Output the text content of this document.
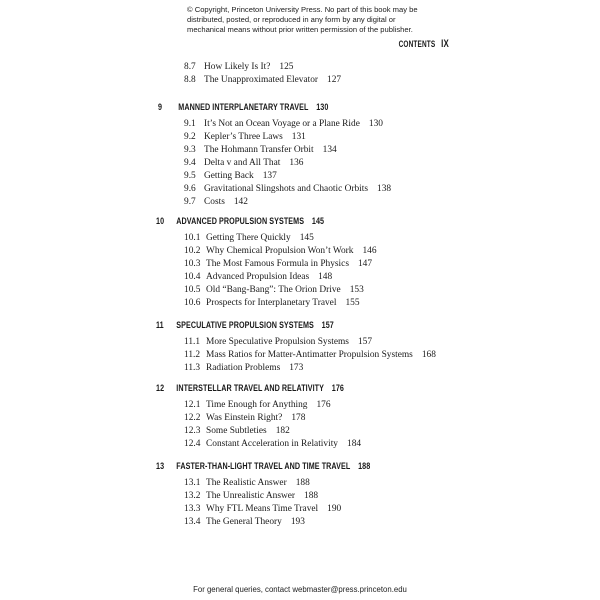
© Copyright, Princeton University Press. No part of this book may be distributed, posted, or reproduced in any form by any digital or mechanical means without prior written permission of the publisher.
CONTENTS IX
8.7 How Likely Is It? 125
8.8 The Unapproximated Elevator 127
9 MANNED INTERPLANETARY TRAVEL 130
9.1 It’s Not an Ocean Voyage or a Plane Ride 130
9.2 Kepler’s Three Laws 131
9.3 The Hohmann Transfer Orbit 134
9.4 Delta v and All That 136
9.5 Getting Back 137
9.6 Gravitational Slingshots and Chaotic Orbits 138
9.7 Costs 142
10 ADVANCED PROPULSION SYSTEMS 145
10.1 Getting There Quickly 145
10.2 Why Chemical Propulsion Won’t Work 146
10.3 The Most Famous Formula in Physics 147
10.4 Advanced Propulsion Ideas 148
10.5 Old “Bang-Bang”: The Orion Drive 153
10.6 Prospects for Interplanetary Travel 155
11 SPECULATIVE PROPULSION SYSTEMS 157
11.1 More Speculative Propulsion Systems 157
11.2 Mass Ratios for Matter-Antimatter Propulsion Systems 168
11.3 Radiation Problems 173
12 INTERSTELLAR TRAVEL AND RELATIVITY 176
12.1 Time Enough for Anything 176
12.2 Was Einstein Right? 178
12.3 Some Subtleties 182
12.4 Constant Acceleration in Relativity 184
13 FASTER-THAN-LIGHT TRAVEL AND TIME TRAVEL 188
13.1 The Realistic Answer 188
13.2 The Unrealistic Answer 188
13.3 Why FTL Means Time Travel 190
13.4 The General Theory 193
For general queries, contact webmaster@press.princeton.edu
